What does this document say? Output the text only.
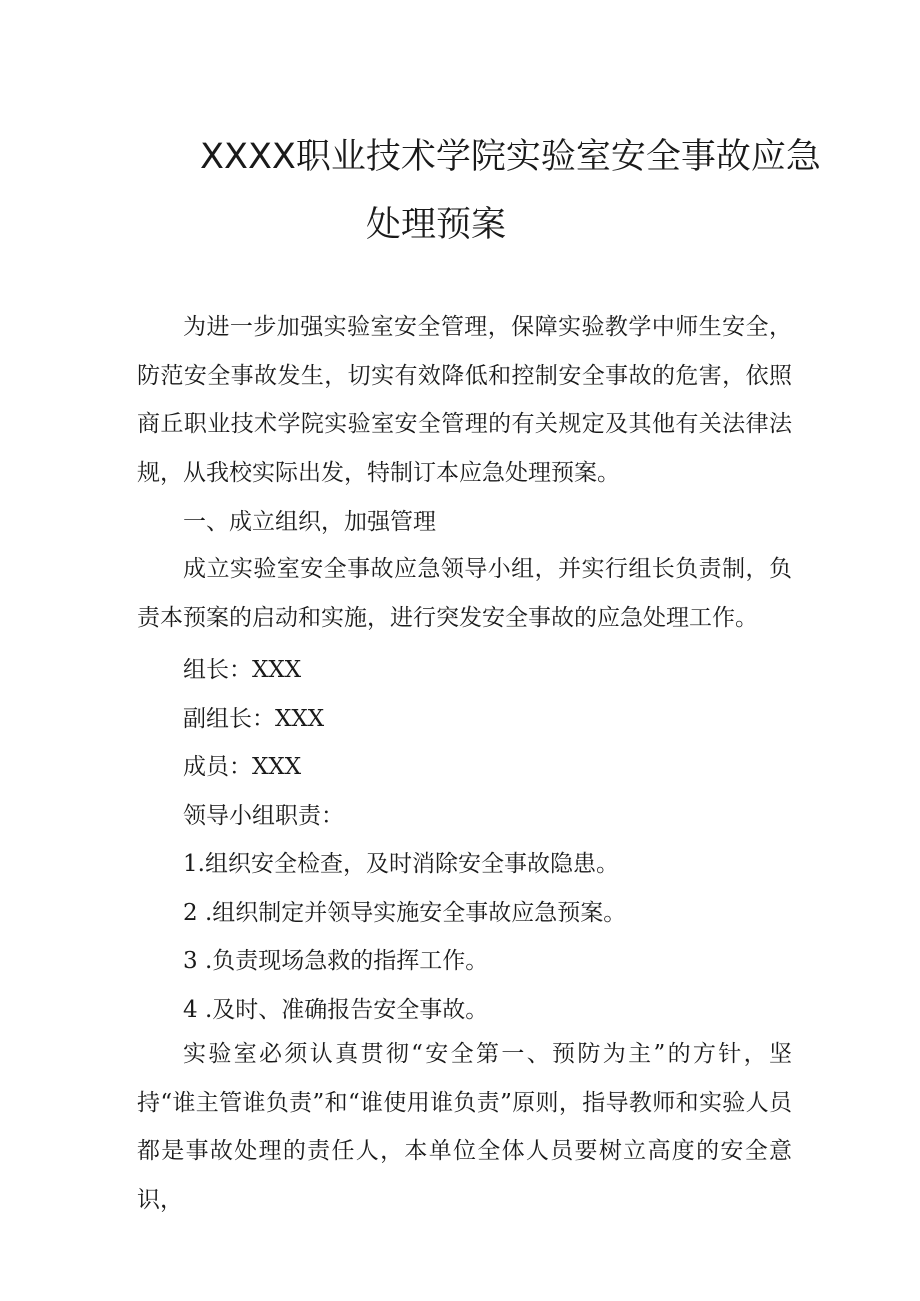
XXXX职业技术学院实验室安全事故应急
处理预案
为进一步加强实验室安全管理，保障实验教学中师生安全，防范安全事故发生，切实有效降低和控制安全事故的危害，依照商丘职业技术学院实验室安全管理的有关规定及其他有关法律法规，从我校实际出发，特制订本应急处理预案。
一、成立组织，加强管理
成立实验室安全事故应急领导小组，并实行组长负责制，负责本预案的启动和实施，进行突发安全事故的应急处理工作。
组长：XXX
副组长：XXX
成员：XXX
领导小组职责：
1.组织安全检查，及时消除安全事故隐患。
2 .组织制定并领导实施安全事故应急预案。
3 .负责现场急救的指挥工作。
4 .及时、准确报告安全事故。
实验室必须认真贯彻“安全第一、预防为主”的方针，坚持“谁主管谁负责”和“谁使用谁负责”原则，指导教师和实验人员都是事故处理的责任人，本单位全体人员要树立高度的安全意识，
